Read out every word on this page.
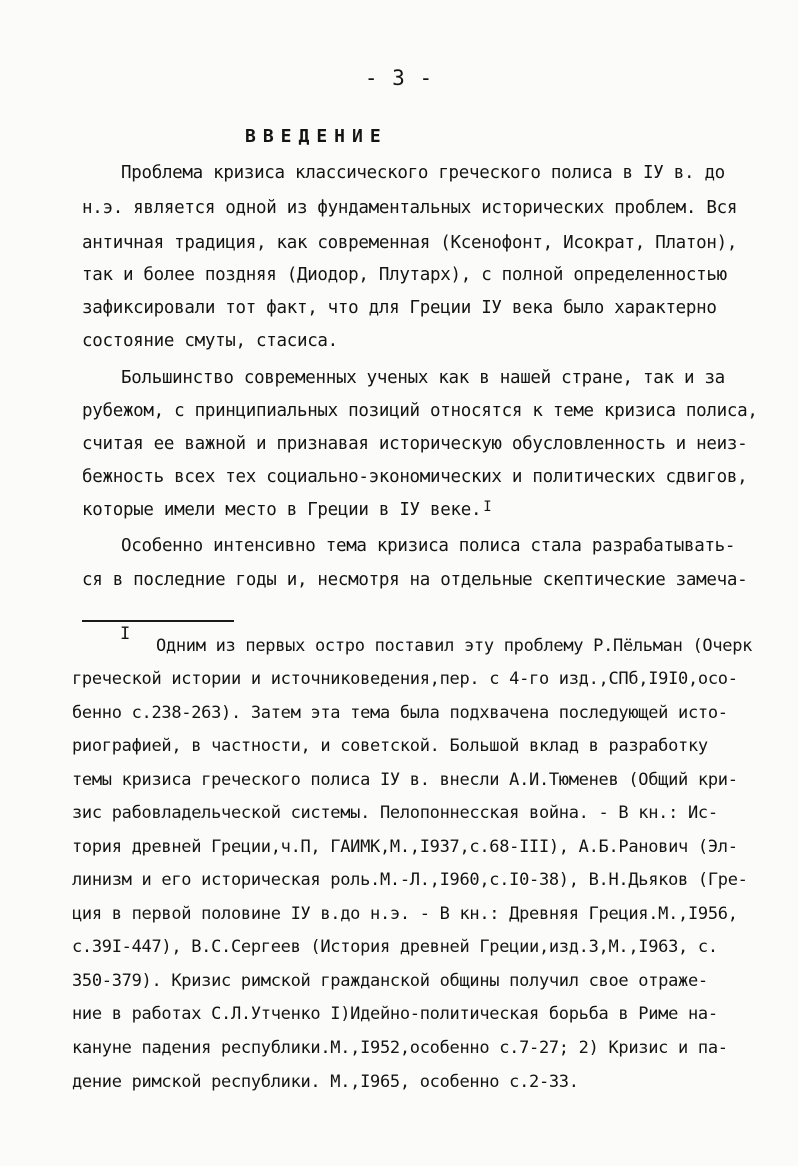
- 3 -
ВВЕДЕНИЕ
Проблема кризиса классического греческого полиса в IУ в. до
н.э. является одной из фундаментальных исторических проблем. Вся
античная традиция, как современная (Ксенофонт, Исократ, Платон),
так и более поздняя (Диодор, Плутарх), с полной определенностью
зафиксировали тот факт, что для Греции IУ века было характерно
состояние смуты, стасиса.
Большинство современных ученых как в нашей стране, так и за
рубежом, с принципиальных позиций относятся к теме кризиса полиса,
считая ее важной и признавая историческую обусловленность и неиз-
бежность всех тех социально-экономических и политических сдвигов,
которые имели место в Греции в IУ веке. $^I$
Особенно интенсивно тема кризиса полиса стала разрабатывать-
ся в последние годы и, несмотря на отдельные скептические замеча-
I
Одним из первых остро поставил эту проблему Р.Пёльман (Очерк
греческой истории и источниковедения,пер. с 4-го изд.,СПб,I9I0,осо-
бенно с.238-263). Затем эта тема была подхвачена последующей исто-
риографией, в частности, и советской. Большой вклад в разработку
темы кризиса греческого полиса IУ в. внесли А.И.Тюменев (Общий кри-
зис рабовладельческой системы. Пелопоннесская война. - В кн.: Ис-
тория древней Греции,ч.П, ГАИМК,М.,I937,с.68-III), А.Б.Ранович (Эл-
линизм и его историческая роль.М.-Л.,I960,с.I0-38), В.Н.Дьяков (Гре-
ция в первой половине IУ в.до н.э. - В кн.: Древняя Греция.М.,I956,
с.39I-447), В.С.Сергеев (История древней Греции,изд.3,М.,I963, с.
350-379). Кризис римской гражданской общины получил свое отраже-
ние в работах С.Л.Утченко I)Идейно-политическая борьба в Риме на-
кануне падения республики.М.,I952,особенно с.7-27; 2) Кризис и па-
дение римской республики. М.,I965, особенно с.2-33.
